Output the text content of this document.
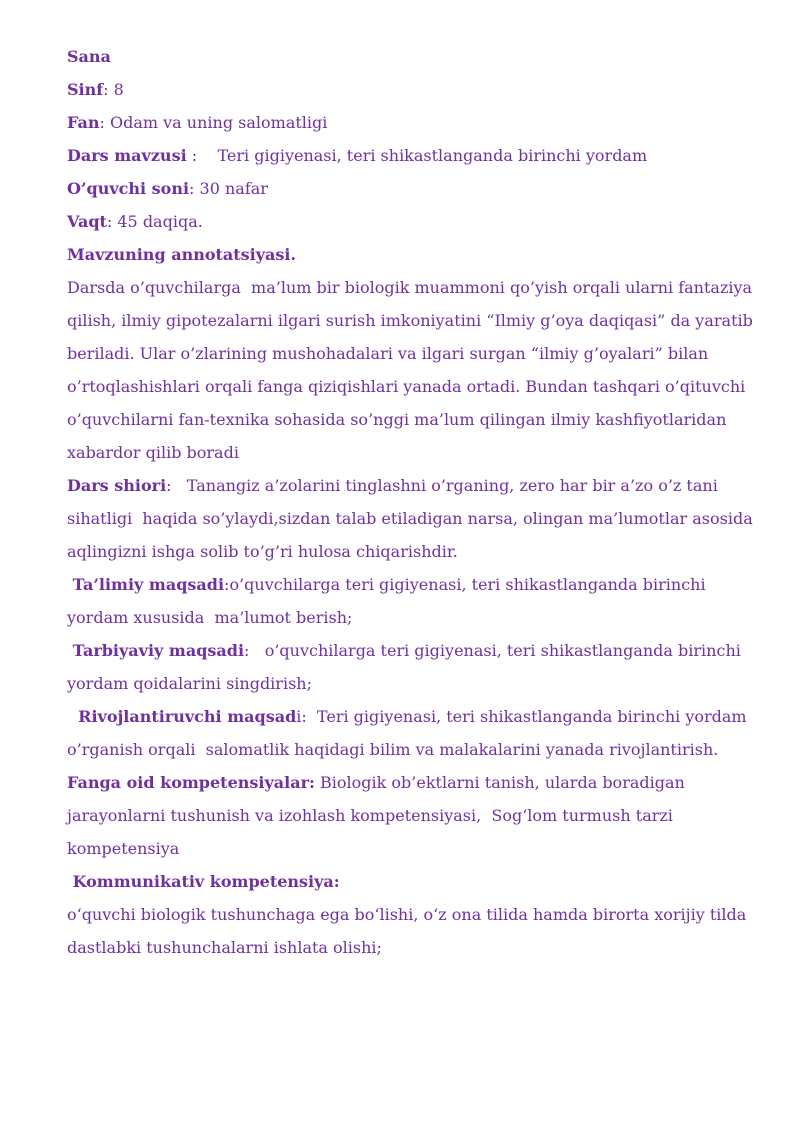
Sana
Sinf: 8
Fan: Odam va uning salomatligi
Dars mavzusi :    Teri gigiyenasi, teri shikastlanganda birinchi yordam
O’quvchi soni: 30 nafar
Vaqt: 45 daqiqa.
Mavzuning annotatsiyasi.
Darsda o’quvchilarga  ma’lum bir biologik muammoni qo’yish orqali ularni fantaziya
qilish, ilmiy gipotezalarni ilgari surish imkoniyatini “Ilmiy g’oya daqiqasi” da yaratib
beriladi. Ular o’zlarining mushohadalari va ilgari surgan “ilmiy g’oyalari” bilan
o’rtoqlashishlari orqali fanga qiziqishlari yanada ortadi. Bundan tashqari o’qituvchi
o’quvchilarni fan-texnika sohasida so’nggi ma’lum qilingan ilmiy kashfiyotlaridan
xabardor qilib boradi
Dars shiori:   Tanangiz a’zolarini tinglashni o’rganing, zero har bir a’zo o’z tani
sihatligi  haqida so’ylaydi,sizdan talab etiladigan narsa, olingan ma’lumotlar asosida
aqlingizni ishga solib to’g’ri hulosa chiqarishdir.
Ta’limiy maqsadi:o’quvchilarga teri gigiyenasi, teri shikastlanganda birinchi
yordam xususida  ma’lumot berish;
Tarbiyaviy maqsadi:   o’quvchilarga teri gigiyenasi, teri shikastlanganda birinchi
yordam qoidalarini singdirish;
Rivojlantiruvchi maqsadi:  Teri gigiyenasi, teri shikastlanganda birinchi yordam
o’rganish orqali  salomatlik haqidagi bilim va malakalarini yanada rivojlantirish.
Fanga oid kompetensiyalar: Biologik ob’ektlarni tanish, ularda boradigan
jarayonlarni tushunish va izohlash kompetensiyasi,  Sog‘lom turmush tarzi
kompetensiya
Kommunikativ kompetensiya:
o‘quvchi biologik tushunchaga ega bo‘lishi, o‘z ona tilida hamda birorta xorijiy tilda
dastlabki tushunchalarni ishlata olishi;
